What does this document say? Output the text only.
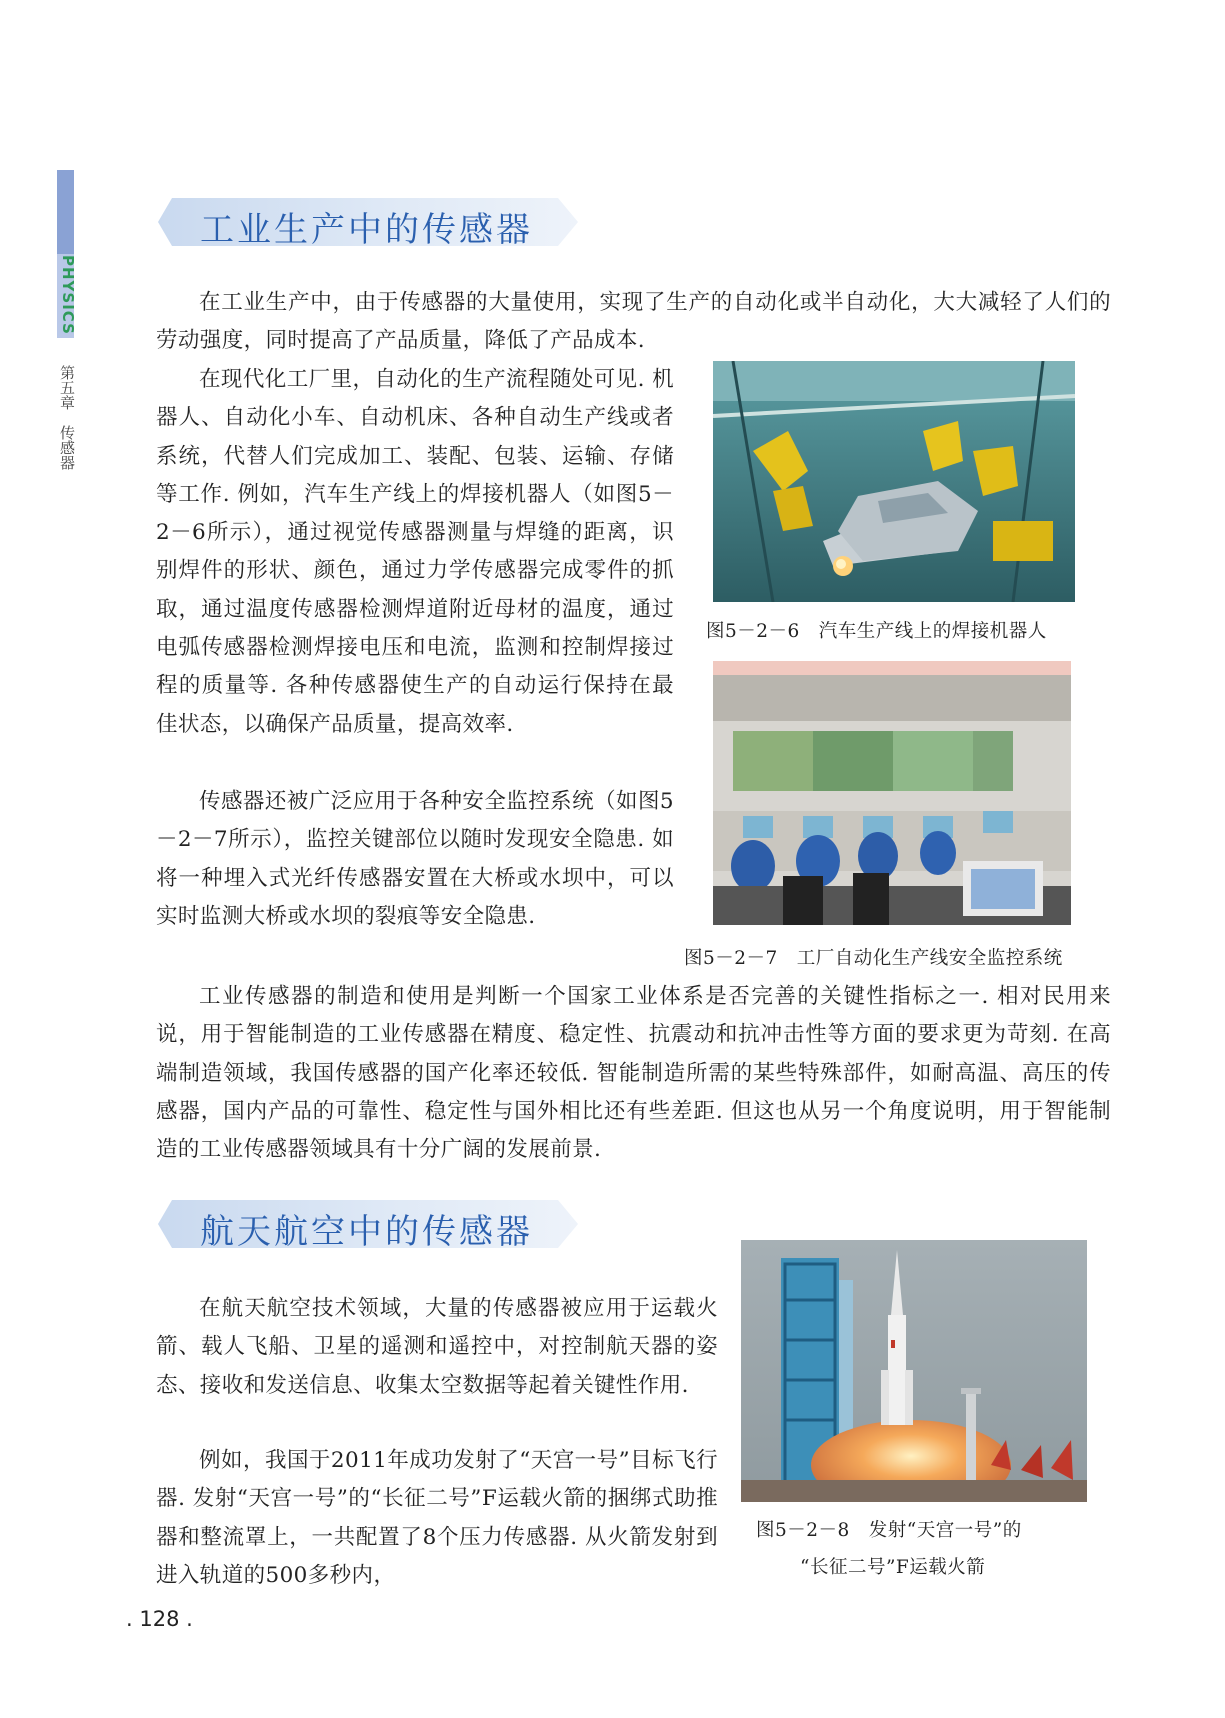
PHYSICS
第五章　传感器
工业生产中的传感器

在工业生产中，由于传感器的大量使用，实现了生产的自动化或半自动化，大大减轻了人们的劳动强度，同时提高了产品质量，降低了产品成本.

在现代化工厂里，自动化的生产流程随处可见. 机器人、自动化小车、自动机床、各种自动生产线或者系统，代替人们完成加工、装配、包装、运输、存储等工作. 例如，汽车生产线上的焊接机器人（如图5－2－6所示），通过视觉传感器测量与焊缝的距离，识别焊件的形状、颜色，通过力学传感器完成零件的抓取，通过温度传感器检测焊道附近母材的温度，通过电弧传感器检测焊接电压和电流，监测和控制焊接过程的质量等. 各种传感器使生产的自动运行保持在最佳状态，以确保产品质量，提高效率.

传感器还被广泛应用于各种安全监控系统（如图5－2－7所示），监控关键部位以随时发现安全隐患. 如将一种埋入式光纤传感器安置在大桥或水坝中，可以实时监测大桥或水坝的裂痕等安全隐患.

工业传感器的制造和使用是判断一个国家工业体系是否完善的关键性指标之一. 相对民用来说，用于智能制造的工业传感器在精度、稳定性、抗震动和抗冲击性等方面的要求更为苛刻. 在高端制造领域，我国传感器的国产化率还较低. 智能制造所需的某些特殊部件，如耐高温、高压的传感器，国内产品的可靠性、稳定性与国外相比还有些差距. 但这也从另一个角度说明，用于智能制造的工业传感器领域具有十分广阔的发展前景.

图5－2－6　汽车生产线上的焊接机器人
图5－2－7　工厂自动化生产线安全监控系统
航天航空中的传感器

在航天航空技术领域，大量的传感器被应用于运载火箭、载人飞船、卫星的遥测和遥控中，对控制航天器的姿态、接收和发送信息、收集太空数据等起着关键性作用.

例如，我国于2011年成功发射了“天宫一号”目标飞行器. 发射“天宫一号”的“长征二号”F运载火箭的捆绑式助推器和整流罩上，一共配置了8个压力传感器. 从火箭发射到进入轨道的500多秒内，

图5－2－8　发射“天宫一号”的
“长征二号”F运载火箭
. 128 .
